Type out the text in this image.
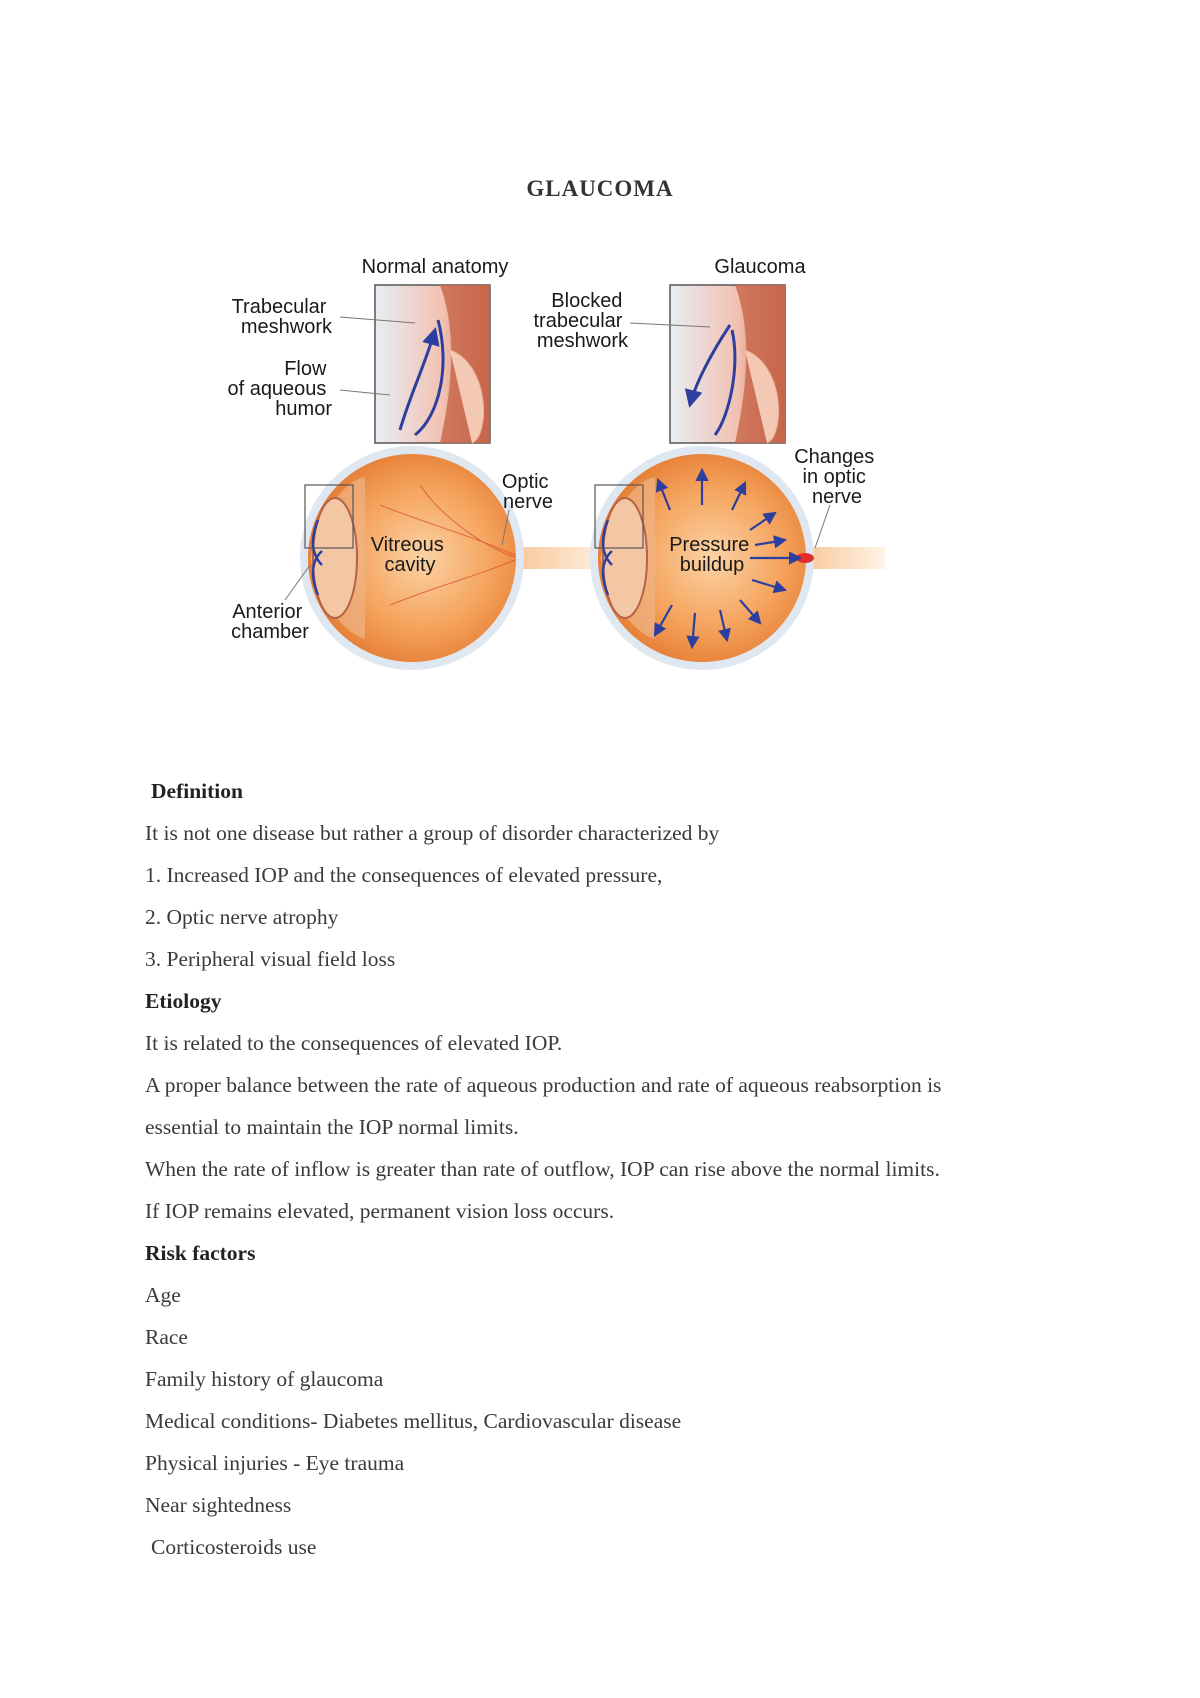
GLAUCOMA
Normal anatomy	Glaucoma
Trabecular meshwork
Flow of aqueous humor
Blocked trabecular meshwork
Optic nerve
Vitreous cavity
Anterior chamber
Changes in optic nerve
Pressure buildup
Definition

It is not one disease but rather a group of disorder characterized by

1. Increased IOP and the consequences of elevated pressure,

2. Optic nerve atrophy

3. Peripheral visual field loss

Etiology

It is related to the consequences of elevated IOP.

A proper balance between the rate of aqueous production and rate of aqueous reabsorption is

essential to maintain the IOP normal limits.

When the rate of inflow is greater than rate of outflow, IOP can rise above the normal limits.

If IOP remains elevated, permanent vision loss occurs.

Risk factors

Age

Race

Family history of glaucoma

Medical conditions- Diabetes mellitus, Cardiovascular disease

Physical injuries - Eye trauma

Near sightedness

Corticosteroids use
